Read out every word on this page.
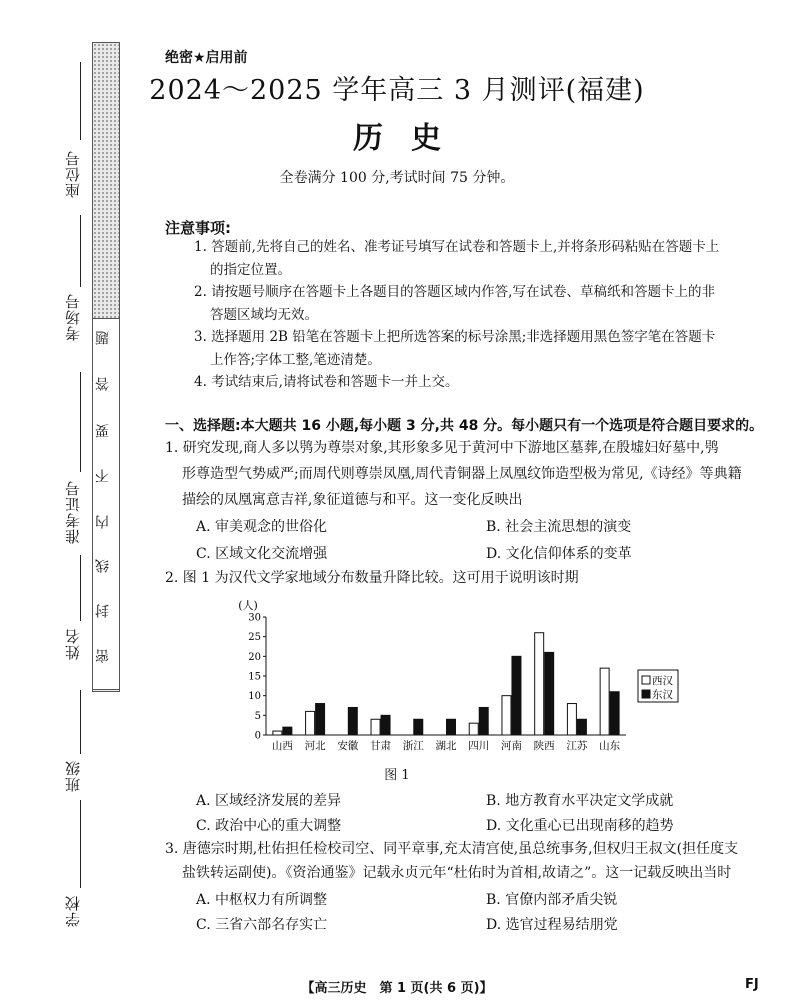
座位号
考场号
准考证号
姓名
班级
学校
密
封
线
内
不
要
答
题
绝密★启用前
2024～2025 学年高三 3 月测评(福建)
历史
全卷满分 100 分,考试时间 75 分钟。
注意事项:
1. 答题前,先将自己的姓名、准考证号填写在试卷和答题卡上,并将条形码粘贴在答题卡上
的指定位置。
2. 请按题号顺序在答题卡上各题目的答题区域内作答,写在试卷、草稿纸和答题卡上的非
答题区域均无效。
3. 选择题用 2B 铅笔在答题卡上把所选答案的标号涂黑;非选择题用黑色签字笔在答题卡
上作答;字体工整,笔迹清楚。
4. 考试结束后,请将试卷和答题卡一并上交。
一、选择题:本大题共 16 小题,每小题 3 分,共 48 分。每小题只有一个选项是符合题目要求的。
1. 研究发现,商人多以鸮为尊崇对象,其形象多见于黄河中下游地区墓葬,在殷墟妇好墓中,鸮
形尊造型气势威严;而周代则尊崇凤凰,周代青铜器上凤凰纹饰造型极为常见,《诗经》等典籍
描绘的凤凰寓意吉祥,象征道德与和平。这一变化反映出
A. 审美观念的世俗化	B. 社会主流思想的演变
C. 区域文化交流增强	D. 文化信仰体系的变革
2. 图 1 为汉代文学家地域分布数量升降比较。这可用于说明该时期
(人)
0
5
10
15
20
25
30
山西 河北 安徽 甘肃 浙江 湖北 四川 河南 陕西 江苏 山东
西汉
东汉
图 1
A. 区域经济发展的差异	B. 地方教育水平决定文学成就
C. 政治中心的重大调整	D. 文化重心已出现南移的趋势
3. 唐德宗时期,杜佑担任检校司空、同平章事,充太清宫使,虽总统事务,但权归王叔文(担任度支
盐铁转运副使)。《资治通鉴》记载永贞元年“杜佑时为首相,故请之”。这一记载反映出当时
A. 中枢权力有所调整	B. 官僚内部矛盾尖锐
C. 三省六部名存实亡	D. 选官过程易结朋党
【高三历史　第 1 页(共 6 页)】	FJ
